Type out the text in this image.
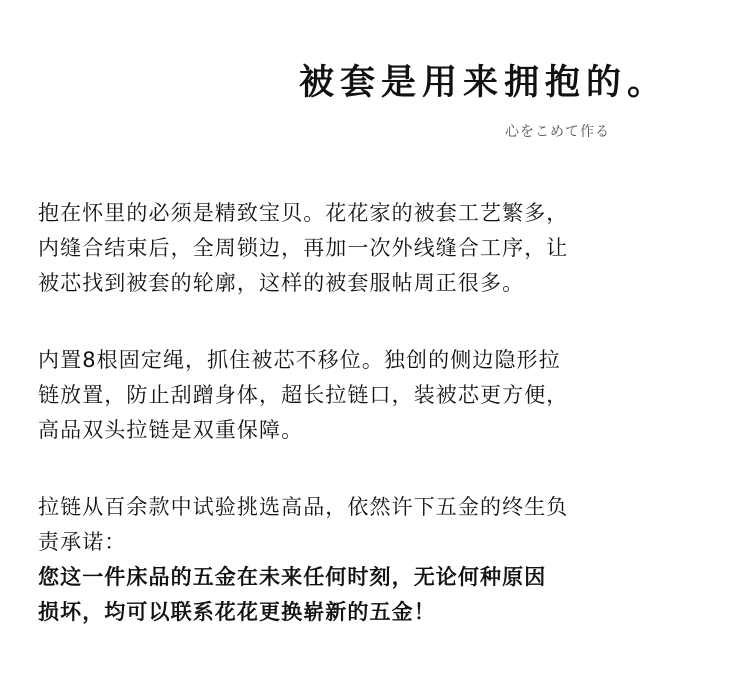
被套是用来拥抱的。
心をこめて作る

抱在怀里的必须是精致宝贝。花花家的被套工艺繁多，
内缝合结束后，全周锁边，再加一次外线缝合工序，让
被芯找到被套的轮廓，这样的被套服帖周正很多。

内置8根固定绳，抓住被芯不移位。独创的侧边隐形拉
链放置，防止刮蹭身体，超长拉链口，装被芯更方便，
高品双头拉链是双重保障。

拉链从百余款中试验挑选高品，依然许下五金的终生负
责承诺：
您这一件床品的五金在未来任何时刻，无论何种原因
损坏，均可以联系花花更换崭新的五金！
